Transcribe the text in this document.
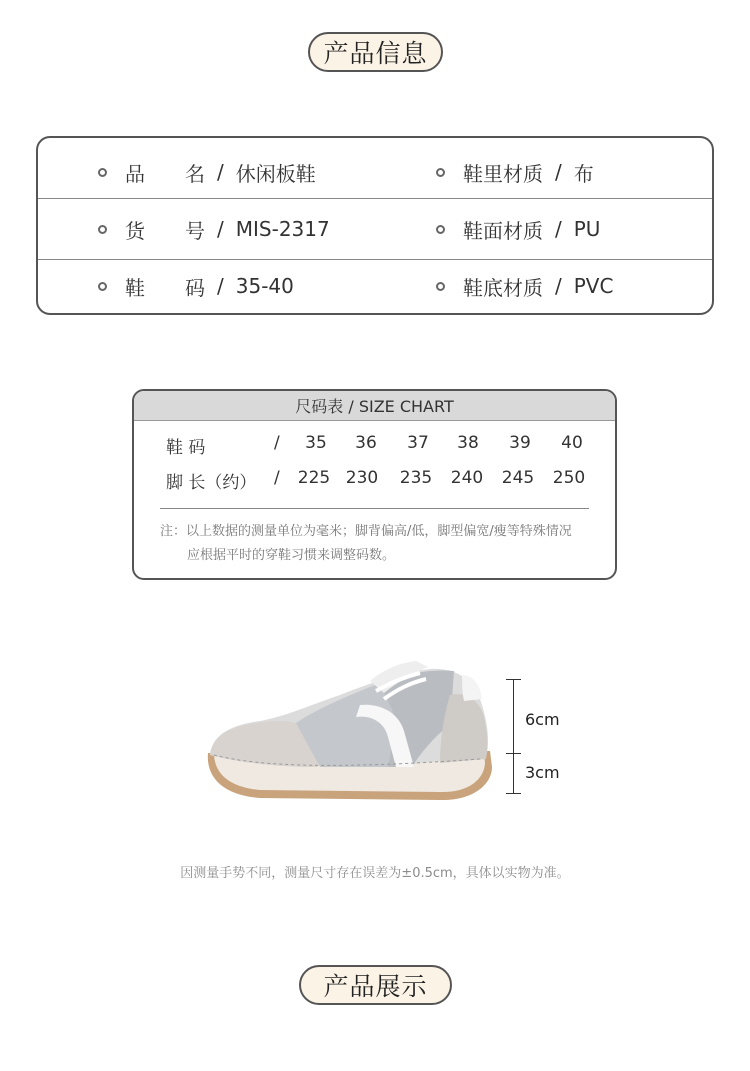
产品信息
品名 / 休闲板鞋	鞋里材质 / 布
货号 / MIS-2317	鞋面材质 / PU
鞋码 / 35-40	鞋底材质 / PVC
尺码表 / SIZE CHART
鞋 码	/	35	36	37	38	39	40
脚 长（约） /	225 230	235	240	245	250
注：以上数据的测量单位为毫米；脚背偏高/低，脚型偏宽/瘦等特殊情况
应根据平时的穿鞋习惯来调整码数。
6cm
3cm
因测量手势不同，测量尺寸存在误差为±0.5cm，具体以实物为准。
产品展示
